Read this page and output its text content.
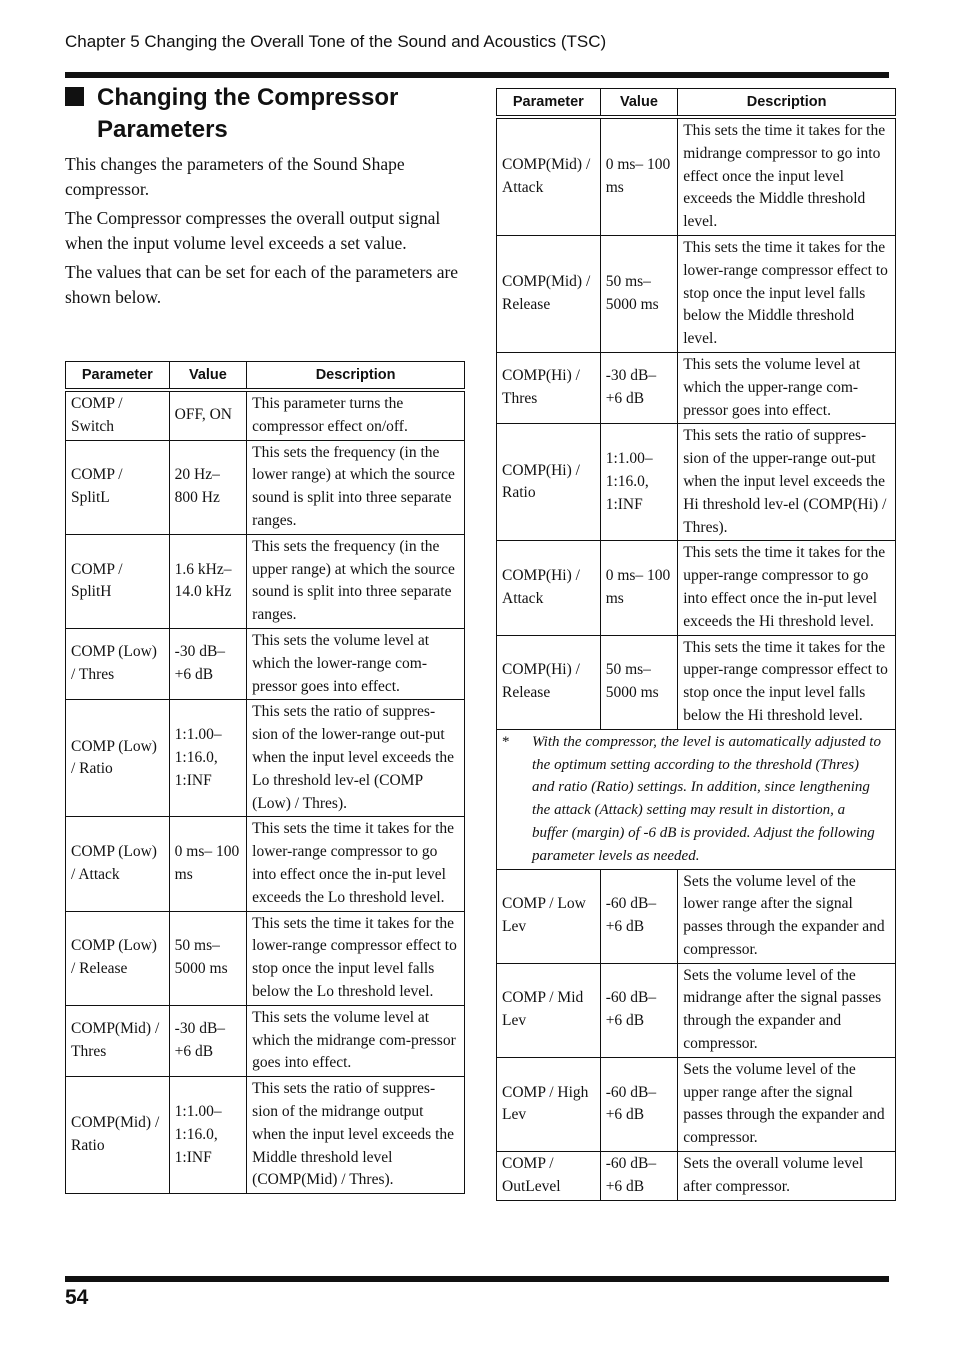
Chapter 5 Changing the Overall Tone of the Sound and Acoustics (TSC)
Changing the Compressor
Parameters

This changes the parameters of the Sound Shape compressor.

The Compressor compresses the overall output signal when the input volume level exceeds a set value.

The values that can be set for each of the parameters are shown below.

Parameter	Value	Description
COMP / Switch	OFF, ON	This parameter turns the compressor effect on/off.
COMP / SplitL	20 Hz– 800 Hz	This sets the frequency (in the lower range) at which the source sound is split into three separate ranges.
COMP / SplitH	1.6 kHz– 14.0 kHz	This sets the frequency (in the upper range) at which the source sound is split into three separate ranges.
COMP (Low) / Thres	-30 dB– +6 dB	This sets the volume level at which the lower-range com-pressor goes into effect.
COMP (Low) / Ratio	1:1.00– 1:16.0, 1:INF	This sets the ratio of suppres-sion of the lower-range out-put when the input level exceeds the Lo threshold lev-el (COMP (Low) / Thres).
COMP (Low) / Attack	0 ms– 100 ms	This sets the time it takes for the lower-range compressor to go into effect once the in-put level exceeds the Lo threshold level.
COMP (Low) / Release	50 ms– 5000 ms	This sets the time it takes for the lower-range compressor effect to stop once the input level falls below the Lo threshold level.
COMP(Mid) / Thres	-30 dB– +6 dB	This sets the volume level at which the midrange com-pressor goes into effect.
COMP(Mid) / Ratio	1:1.00– 1:16.0, 1:INF	This sets the ratio of suppres-sion of the midrange output when the input level exceeds the Middle threshold level (COMP(Mid) / Thres).
Parameter	Value	Description
COMP(Mid) / Attack	0 ms– 100 ms	This sets the time it takes for the midrange compressor to go into effect once the input level exceeds the Middle threshold level.
COMP(Mid) / Release	50 ms– 5000 ms	This sets the time it takes for the lower-range compressor effect to stop once the input level falls below the Middle threshold level.
COMP(Hi) / Thres	-30 dB– +6 dB	This sets the volume level at which the upper-range com-pressor goes into effect.
COMP(Hi) / Ratio	1:1.00– 1:16.0, 1:INF	This sets the ratio of suppres-sion of the upper-range out-put when the input level exceeds the Hi threshold lev-el (COMP(Hi) / Thres).
COMP(Hi) / Attack	0 ms– 100 ms	This sets the time it takes for the upper-range compressor to go into effect once the in-put level exceeds the Hi threshold level.
COMP(Hi) / Release	50 ms– 5000 ms	This sets the time it takes for the upper-range compressor effect to stop once the input level falls below the Hi threshold level.
* With the compressor, the level is automatically adjusted to the optimum setting according to the threshold (Thres) and ratio (Ratio) settings. In addition, since lengthening the attack (Attack) setting may result in distortion, a buffer (margin) of -6 dB is provided. Adjust the following parameter levels as needed.		
COMP / Low Lev	-60 dB– +6 dB	Sets the volume level of the lower range after the signal passes through the expander and compressor.
COMP / Mid Lev	-60 dB– +6 dB	Sets the volume level of the midrange after the signal passes through the expander and compressor.
COMP / High Lev	-60 dB– +6 dB	Sets the volume level of the upper range after the signal passes through the expander and compressor.
COMP / OutLevel	-60 dB– +6 dB	Sets the overall volume level after compressor.
54
